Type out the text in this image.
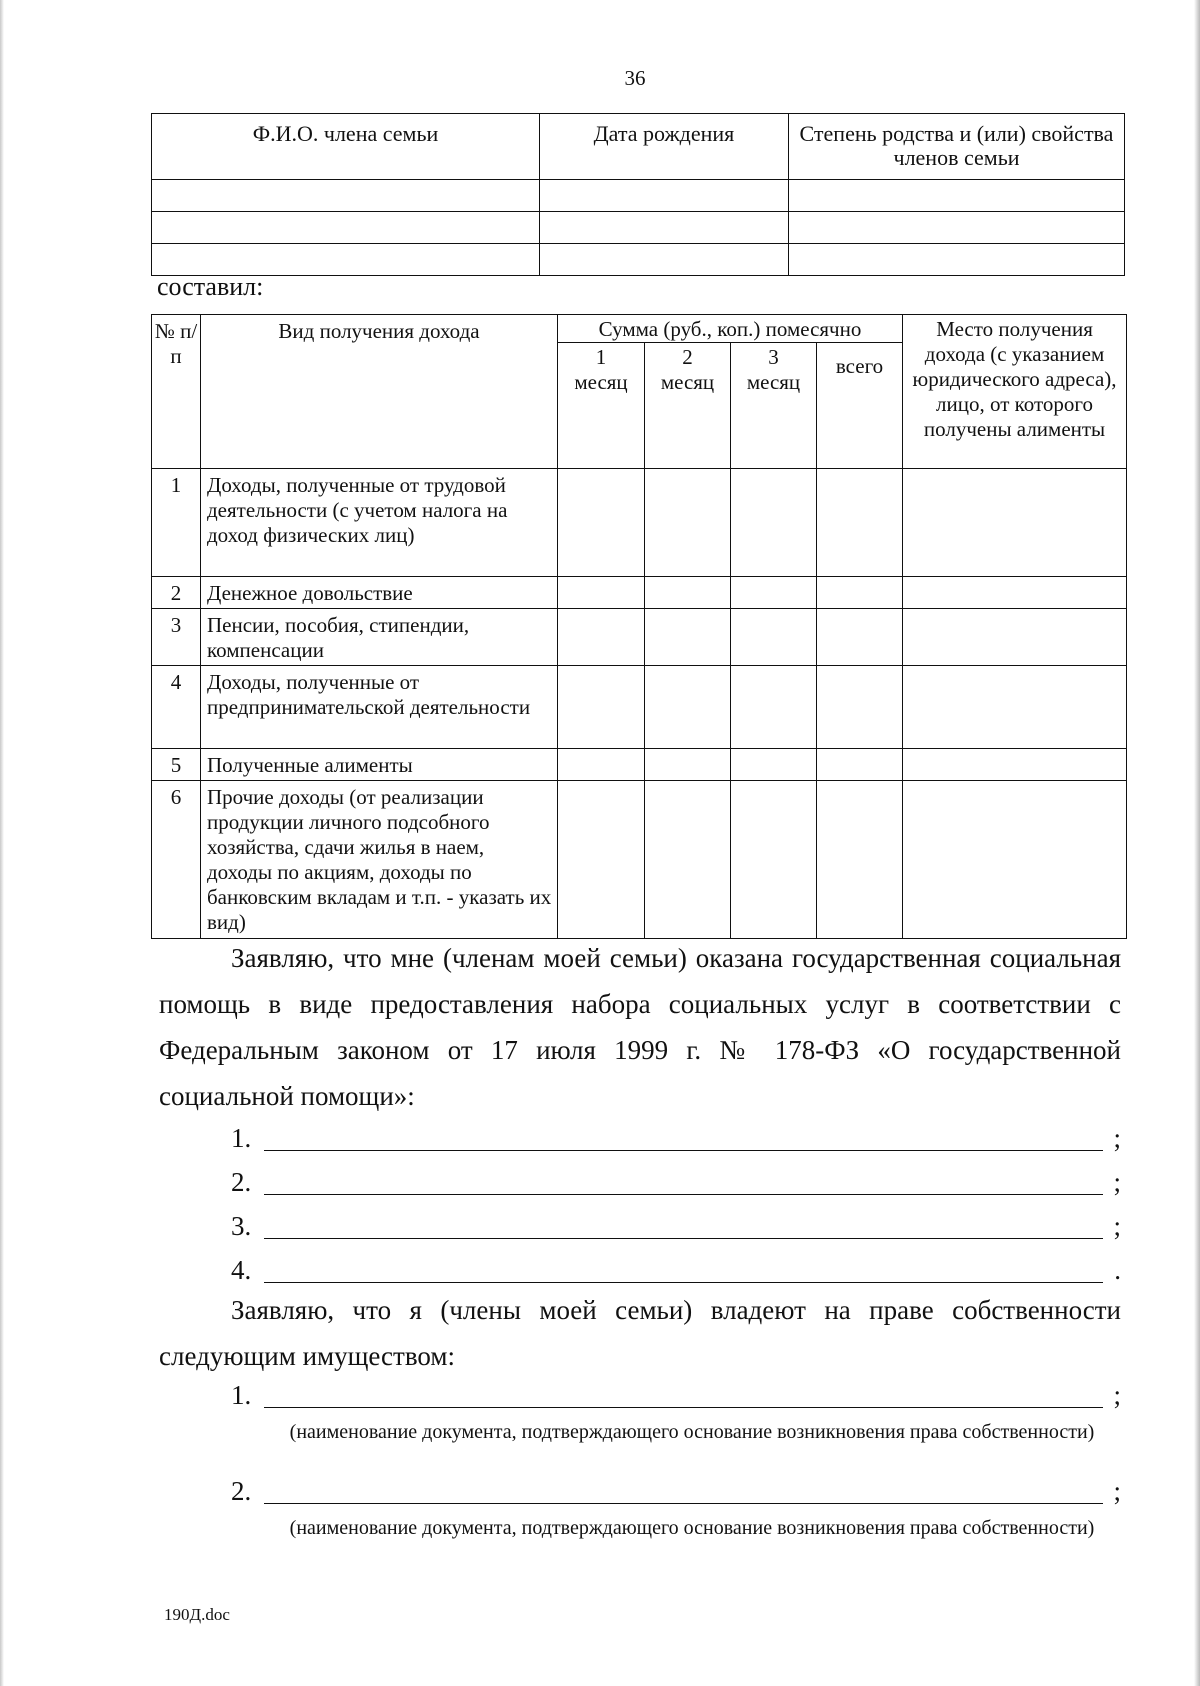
36
Ф.И.О. члена семьи	Дата рождения	Степень родства и (или) свойства членов семьи

составил:
№ п/п	Вид получения дохода	Сумма (руб., коп.) помесячно				Место получения дохода (с указанием юридического адреса), лицо, от которого получены алименты
		1 месяц	2 месяц	3 месяц	всего	
1	Доходы, полученные от трудовой деятельности (с учетом налога на доход физических лиц)					
2	Денежное довольствие					
3	Пенсии, пособия, стипендии, компенсации					
4	Доходы, полученные от предпринимательской деятельности					
5	Полученные алименты					
6	Прочие доходы (от реализации продукции личного подсобного хозяйства, сдачи жилья в наем, доходы по акциям, доходы по банковским вкладам и т.п. - указать их вид)					
Заявляю, что мне (членам моей семьи) оказана государственная социальная помощь в виде предоставления набора социальных услуг в соответствии с Федеральным законом от 17 июля 1999 г. № 178-ФЗ «О государственной социальной помощи»:
1.	;
2.	;
3.	;
4.	.
Заявляю, что я (члены моей семьи) владеют на праве собственности следующим имуществом:
1.	;
(наименование документа, подтверждающего основание возникновения права собственности)
2.	;
(наименование документа, подтверждающего основание возникновения права собственности)
190Д.doc
